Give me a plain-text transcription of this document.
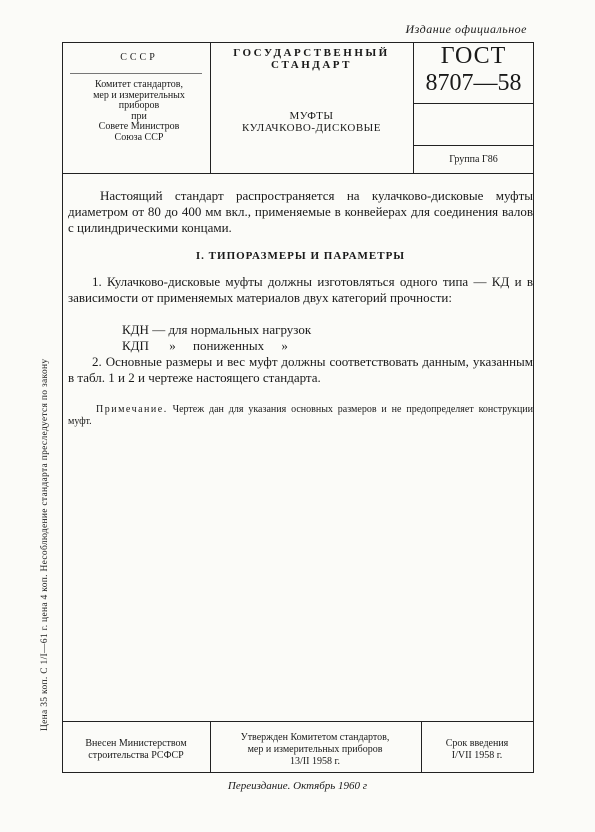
Издание официальное
СССР
Комитет стандартов,
мер и измерительных
приборов
при
Совете Министров
Союза ССР
ГОСУДАРСТВЕННЫЙ
СТАНДАРТ
МУФТЫ
КУЛАЧКОВО-ДИСКОВЫЕ
ГОСТ
8707—58
Группа Г86
Настоящий стандарт распространяется на кулачково-дисковые муфты диаметром от 80 до 400 мм вкл., применяемые в конвейерах для соединения валов с цилиндрическими концами.
I. ТИПОРАЗМЕРЫ И ПАРАМЕТРЫ
1. Кулачково-дисковые муфты должны изготовляться одного типа — КД и в зависимости от применяемых материалов двух категорий прочности:
КДН — для нормальных нагрузок
КДП » пониженных »
2. Основные размеры и вес муфт должны соответствовать данным, указанным в табл. 1 и 2 и чертеже настоящего стандарта.
Примечание. Чертеж дан для указания основных размеров и не предопределяет конструкции муфт.
Цена 35 коп. С 1/I—61 г. цена 4 коп. Несоблюдение стандарта преследуется по закону
Внесен Министерством
строительства РСФСР
Утвержден Комитетом стандартов,
мер и измерительных приборов
13/II 1958 г.
Срок введения
I/VII 1958 г.
Переиздание. Октябрь 1960 г
